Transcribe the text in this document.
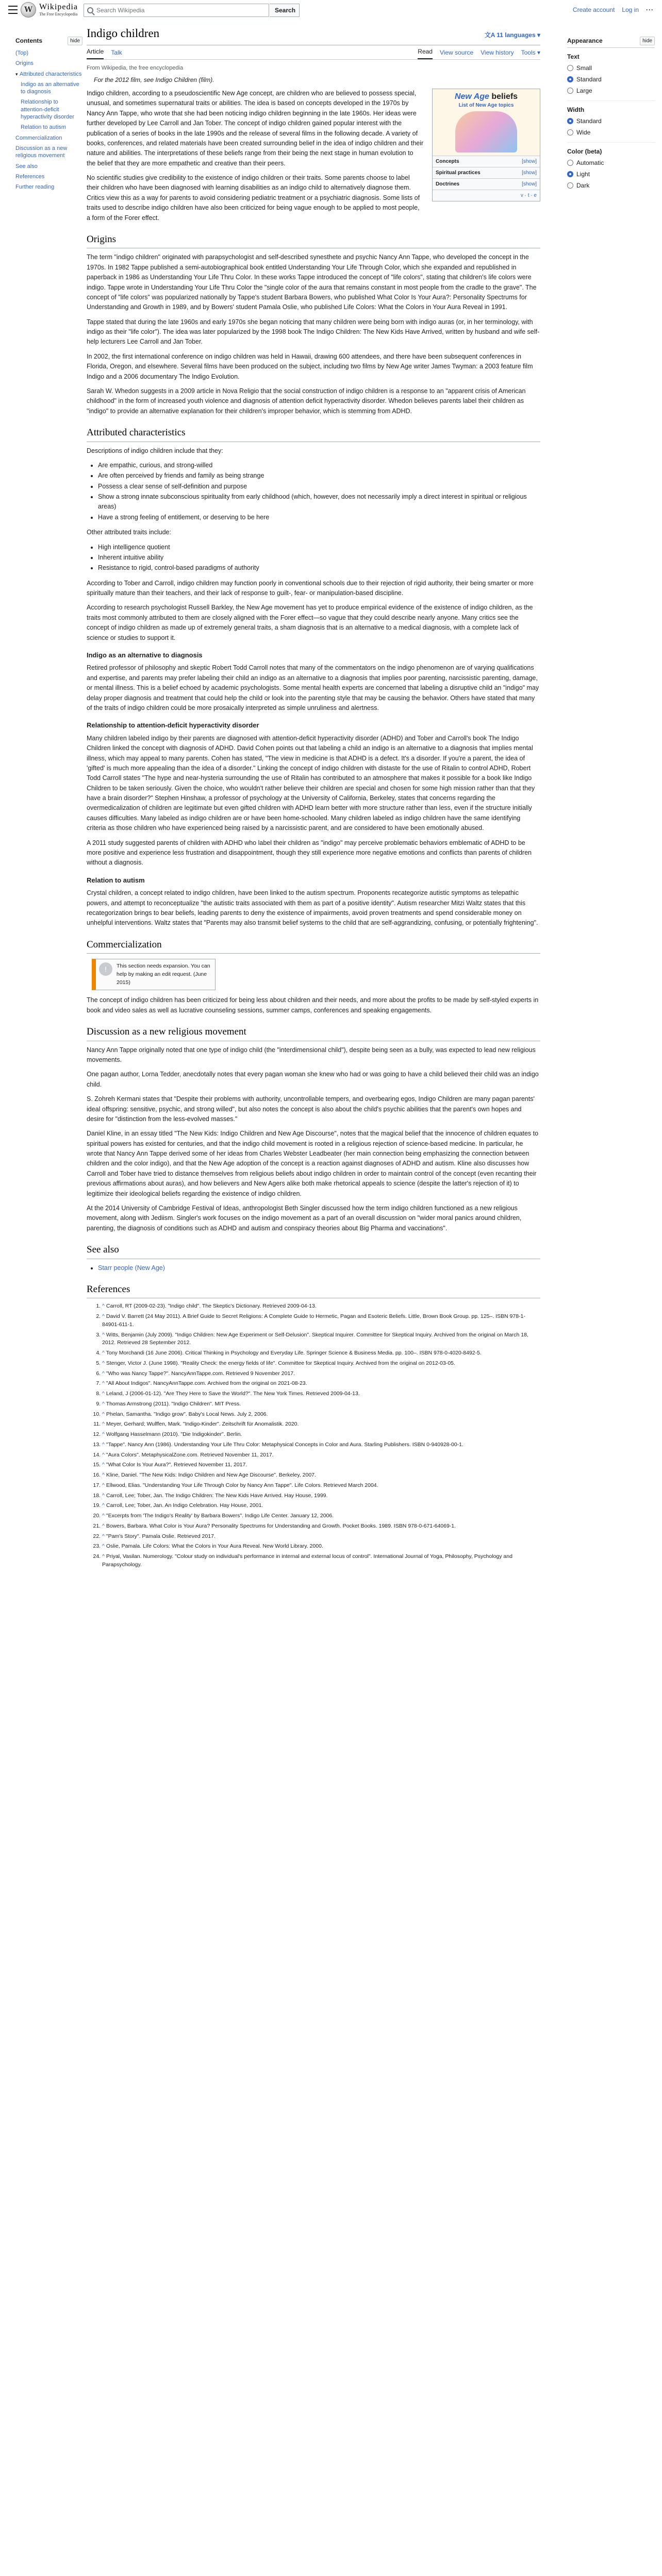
W Wikipedia
The Free Encyclopedia
Search Wikipedia
Search	Create account Log in ···
Contents	hide
(Top)
Origins
▾ Attributed characteristics
Indigo as an alternative to diagnosis
Relationship to attention-deficit hyperactivity disorder
Relation to autism
Commercialization
Discussion as a new religious movement
See also
References
Further reading
Indigo children	文A 11 languages ▾
Article Talk	Read View source View history Tools ▾
From Wikipedia, the free encyclopedia
For the 2012 film, see Indigo Children (film).
New Age beliefs
List of New Age topics
Concepts	[show]
Spiritual practices	[show]
Doctrines	[show]
v · t · e

Indigo children, according to a pseudoscientific New Age concept, are children who are believed to possess special, unusual, and sometimes supernatural traits or abilities. The idea is based on concepts developed in the 1970s by Nancy Ann Tappe, who wrote that she had been noticing indigo children beginning in the late 1960s. Her ideas were further developed by Lee Carroll and Jan Tober. The concept of indigo children gained popular interest with the publication of a series of books in the late 1990s and the release of several films in the following decade. A variety of books, conferences, and related materials have been created surrounding belief in the idea of indigo children and their nature and abilities. The interpretations of these beliefs range from their being the next stage in human evolution to the belief that they are more empathetic and creative than their peers.

No scientific studies give credibility to the existence of indigo children or their traits. Some parents choose to label their children who have been diagnosed with learning disabilities as an indigo child to alternatively diagnose them. Critics view this as a way for parents to avoid considering pediatric treatment or a psychiatric diagnosis. Some lists of traits used to describe indigo children have also been criticized for being vague enough to be applied to most people, a form of the Forer effect.

Origins

The term "indigo children" originated with parapsychologist and self-described synesthete and psychic Nancy Ann Tappe, who developed the concept in the 1970s. In 1982 Tappe published a semi-autobiographical book entitled Understanding Your Life Through Color, which she expanded and republished in paperback in 1986 as Understanding Your Life Thru Color. In these works Tappe introduced the concept of "life colors", stating that children's life colors were indigo. Tappe wrote in Understanding Your Life Thru Color the "single color of the aura that remains constant in most people from the cradle to the grave". The concept of "life colors" was popularized nationally by Tappe's student Barbara Bowers, who published What Color Is Your Aura?: Personality Spectrums for Understanding and Growth in 1989, and by Bowers' student Pamala Oslie, who published Life Colors: What the Colors in Your Aura Reveal in 1991.

Tappe stated that during the late 1960s and early 1970s she began noticing that many children were being born with indigo auras (or, in her terminology, with indigo as their "life color"). The idea was later popularized by the 1998 book The Indigo Children: The New Kids Have Arrived, written by husband and wife self-help lecturers Lee Carroll and Jan Tober.

In 2002, the first international conference on indigo children was held in Hawaii, drawing 600 attendees, and there have been subsequent conferences in Florida, Oregon, and elsewhere. Several films have been produced on the subject, including two films by New Age writer James Twyman: a 2003 feature film Indigo and a 2006 documentary The Indigo Evolution.

Sarah W. Whedon suggests in a 2009 article in Nova Religio that the social construction of indigo children is a response to an "apparent crisis of American childhood" in the form of increased youth violence and diagnosis of attention deficit hyperactivity disorder. Whedon believes parents label their children as "indigo" to provide an alternative explanation for their children's improper behavior, which is stemming from ADHD.

Attributed characteristics

Descriptions of indigo children include that they:

• Are empathic, curious, and strong-willed
• Are often perceived by friends and family as being strange
• Possess a clear sense of self-definition and purpose
• Show a strong innate subconscious spirituality from early childhood (which, however, does not necessarily imply a direct interest in spiritual or religious areas)
• Have a strong feeling of entitlement, or deserving to be here

Other attributed traits include:

• High intelligence quotient
• Inherent intuitive ability
• Resistance to rigid, control-based paradigms of authority

According to Tober and Carroll, indigo children may function poorly in conventional schools due to their rejection of rigid authority, their being smarter or more spiritually mature than their teachers, and their lack of response to guilt-, fear- or manipulation-based discipline.

According to research psychologist Russell Barkley, the New Age movement has yet to produce empirical evidence of the existence of indigo children, as the traits most commonly attributed to them are closely aligned with the Forer effect—so vague that they could describe nearly anyone. Many critics see the concept of indigo children as made up of extremely general traits, a sham diagnosis that is an alternative to a medical diagnosis, with a complete lack of science or studies to support it.

Indigo as an alternative to diagnosis

Retired professor of philosophy and skeptic Robert Todd Carroll notes that many of the commentators on the indigo phenomenon are of varying qualifications and expertise, and parents may prefer labeling their child an indigo as an alternative to a diagnosis that implies poor parenting, narcissistic parenting, damage, or mental illness. This is a belief echoed by academic psychologists. Some mental health experts are concerned that labeling a disruptive child an "indigo" may delay proper diagnosis and treatment that could help the child or look into the parenting style that may be causing the behavior. Others have stated that many of the traits of indigo children could be more prosaically interpreted as simple unruliness and alertness.

Relationship to attention-deficit hyperactivity disorder

Many children labeled indigo by their parents are diagnosed with attention-deficit hyperactivity disorder (ADHD) and Tober and Carroll's book The Indigo Children linked the concept with diagnosis of ADHD. David Cohen points out that labeling a child an indigo is an alternative to a diagnosis that implies mental illness, which may appeal to many parents. Cohen has stated, "The view in medicine is that ADHD is a defect. It's a disorder. If you're a parent, the idea of 'gifted' is much more appealing than the idea of a disorder." Linking the concept of indigo children with distaste for the use of Ritalin to control ADHD, Robert Todd Carroll states "The hype and near-hysteria surrounding the use of Ritalin has contributed to an atmosphere that makes it possible for a book like Indigo Children to be taken seriously. Given the choice, who wouldn't rather believe their children are special and chosen for some high mission rather than that they have a brain disorder?" Stephen Hinshaw, a professor of psychology at the University of California, Berkeley, states that concerns regarding the overmedicalization of children are legitimate but even gifted children with ADHD learn better with more structure rather than less, even if the structure initially causes difficulties. Many labeled as indigo children are or have been home-schooled. Many children labeled as indigo children have the same identifying criteria as those children who have experienced being raised by a narcissistic parent, and are considered to have been emotionally abused.

A 2011 study suggested parents of children with ADHD who label their children as "indigo" may perceive problematic behaviors emblematic of ADHD to be more positive and experience less frustration and disappointment, though they still experience more negative emotions and conflicts than parents of children without a diagnosis.

Relation to autism

Crystal children, a concept related to indigo children, have been linked to the autism spectrum. Proponents recategorize autistic symptoms as telepathic powers, and attempt to reconceptualize "the autistic traits associated with them as part of a positive identity". Autism researcher Mitzi Waltz states that this recategorization brings to bear beliefs, leading parents to deny the existence of impairments, avoid proven treatments and spend considerable money on unhelpful interventions. Waltz states that "Parents may also transmit belief systems to the child that are self-aggrandizing, confusing, or potentially frightening".

Commercialization
!	This section needs expansion. You can help by making an edit request. (June 2015)

The concept of indigo children has been criticized for being less about children and their needs, and more about the profits to be made by self-styled experts in book and video sales as well as lucrative counseling sessions, summer camps, conferences and speaking engagements.

Discussion as a new religious movement

Nancy Ann Tappe originally noted that one type of indigo child (the "interdimensional child"), despite being seen as a bully, was expected to lead new religious movements.

One pagan author, Lorna Tedder, anecdotally notes that every pagan woman she knew who had or was going to have a child believed their child was an indigo child.

S. Zohreh Kermani states that "Despite their problems with authority, uncontrollable tempers, and overbearing egos, Indigo Children are many pagan parents' ideal offspring: sensitive, psychic, and strong willed", but also notes the concept is also about the child's psychic abilities that the parent's own hopes and desire for "distinction from the less-evolved masses."

Daniel Kline, in an essay titled "The New Kids: Indigo Children and New Age Discourse", notes that the magical belief that the innocence of children equates to spiritual powers has existed for centuries, and that the indigo child movement is rooted in a religious rejection of science-based medicine. In particular, he wrote that Nancy Ann Tappe derived some of her ideas from Charles Webster Leadbeater (her main connection being emphasizing the connection between children and the color indigo), and that the New Age adoption of the concept is a reaction against diagnoses of ADHD and autism. Kline also discusses how Carroll and Tober have tried to distance themselves from religious beliefs about indigo children in order to maintain control of the concept (even recanting their previous affirmations about auras), and how believers and New Agers alike both make rhetorical appeals to science (despite the latter's rejection of it) to legitimize their ideological beliefs regarding the existence of indigo children.

At the 2014 University of Cambridge Festival of Ideas, anthropologist Beth Singler discussed how the term indigo children functioned as a new religious movement, along with Jediism. Singler's work focuses on the indigo movement as a part of an overall discussion on "wider moral panics around children, parenting, the diagnosis of conditions such as ADHD and autism and conspiracy theories about Big Pharma and vaccinations".

See also
• Starr people (New Age)
References
1. ^ Carroll, RT (2009-02-23). "Indigo child". The Skeptic's Dictionary. Retrieved 2009-04-13.
2. ^ David V. Barrett (24 May 2011). A Brief Guide to Secret Religions: A Complete Guide to Hermetic, Pagan and Esoteric Beliefs. Little, Brown Book Group. pp. 125–. ISBN 978-1-84901-611-1.
3. ^ Witts, Benjamin (July 2009). "Indigo Children: New Age Experiment or Self-Delusion". Skeptical Inquirer. Committee for Skeptical Inquiry. Archived from the original on March 18, 2012. Retrieved 28 September 2012.
4. ^ Tony Morchandi (16 June 2006). Critical Thinking in Psychology and Everyday Life. Springer Science & Business Media. pp. 100–. ISBN 978-0-4020-8492-5.
5. ^ Stenger, Victor J. (June 1998). "Reality Check: the energy fields of life". Committee for Skeptical Inquiry. Archived from the original on 2012-03-05.
6. ^ "Who was Nancy Tappe?". NancyAnnTappe.com. Retrieved 9 November 2017.
7. ^ "All About Indigos". NancyAnnTappe.com. Archived from the original on 2021-08-23.
8. ^ Leland, J (2006-01-12). "Are They Here to Save the World?". The New York Times. Retrieved 2009-04-13.
9. ^ Thomas Armstrong (2011). "Indigo Children". MIT Press.
10. ^ Phelan, Samantha. "Indigo grow". Baby's Local News. July 2, 2006.
11. ^ Meyer, Gerhard; Wulffen, Mark. "Indigo-Kinder". Zeitschrift für Anomalistik. 2020.
12. ^ Wolfgang Hasselmann (2010). "Die Indigokinder". Berlin.
13. ^ "Tappe". Nancy Ann (1986). Understanding Your Life Thru Color: Metaphysical Concepts in Color and Aura. Starling Publishers. ISBN 0-940928-00-1.
14. ^ "Aura Colors". MetaphysicalZone.com. Retrieved November 11, 2017.
15. ^ "What Color Is Your Aura?". Retrieved November 11, 2017.
16. ^ Kline, Daniel. "The New Kids: Indigo Children and New Age Discourse". Berkeley, 2007.
17. ^ Ellwood, Elias. "Understanding Your Life Through Color by Nancy Ann Tappe". Life Colors. Retrieved March 2004.
18. ^ Carroll, Lee; Tober, Jan. The Indigo Children: The New Kids Have Arrived. Hay House, 1999.
19. ^ Carroll, Lee; Tober, Jan. An Indigo Celebration. Hay House, 2001.
20. ^ "Excerpts from 'The Indigo's Reality' by Barbara Bowers". Indigo Life Center. January 12, 2006.
21. ^ Bowers, Barbara. What Color is Your Aura? Personality Spectrums for Understanding and Growth. Pocket Books. 1989. ISBN 978-0-671-64069-1.
22. ^ "Pam's Story". Pamala Oslie. Retrieved 2017.
23. ^ Oslie, Pamala. Life Colors: What the Colors in Your Aura Reveal. New World Library. 2000.
24. ^ Priyal, Vasilan. Numerology. "Colour study on individual's performance in internal and external locus of control". International Journal of Yoga, Philosophy, Psychology and Parapsychology.
Appearance	hide
Text
Small
Standard
Large
Width
Standard
Wide
Color (beta)
Automatic
Light
Dark
